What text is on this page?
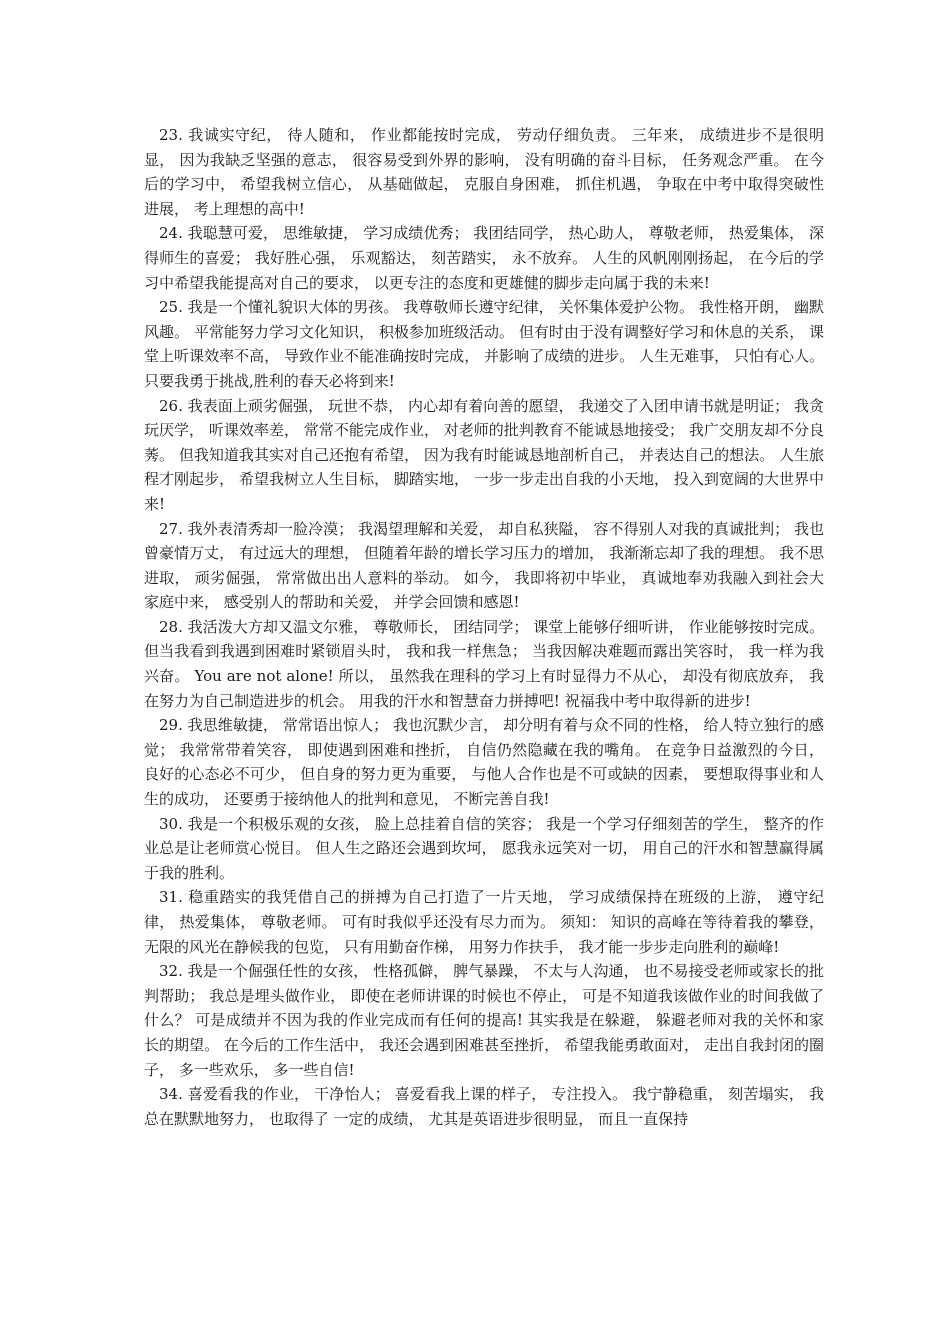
23. 我诚实守纪， 待人随和， 作业都能按时完成， 劳动仔细负责。 三年来， 成绩进步不是很明显， 因为我缺乏坚强的意志， 很容易受到外界的影响， 没有明确的奋斗目标， 任务观念严重。 在今后的学习中， 希望我树立信心， 从基础做起， 克服自身困难， 抓住机遇， 争取在中考中取得突破性进展， 考上理想的高中!

24. 我聪慧可爱， 思维敏捷， 学习成绩优秀； 我团结同学， 热心助人， 尊敬老师， 热爱集体， 深得师生的喜爱； 我好胜心强， 乐观豁达， 刻苦踏实， 永不放弃。 人生的风帆刚刚扬起， 在今后的学习中希望我能提高对自己的要求， 以更专注的态度和更雄健的脚步走向属于我的未来!

25. 我是一个懂礼貌识大体的男孩。 我尊敬师长遵守纪律， 关怀集体爱护公物。 我性格开朗， 幽默风趣。 平常能努力学习文化知识， 积极参加班级活动。 但有时由于没有调整好学习和休息的关系， 课堂上听课效率不高， 导致作业不能准确按时完成， 并影响了成绩的进步。 人生无难事， 只怕有心人。 只要我勇于挑战,胜利的春天必将到来!

26. 我表面上顽劣倔强， 玩世不恭， 内心却有着向善的愿望， 我递交了入团申请书就是明证； 我贪玩厌学， 听课效率差， 常常不能完成作业， 对老师的批判教育不能诚恳地接受； 我广交朋友却不分良莠。 但我知道我其实对自己还抱有希望， 因为我有时能诚恳地剖析自己， 并表达自己的想法。 人生旅程才刚起步， 希望我树立人生目标， 脚踏实地， 一步一步走出自我的小天地， 投入到宽阔的大世界中来!

27. 我外表清秀却一脸冷漠； 我渴望理解和关爱， 却自私狭隘， 容不得别人对我的真诚批判； 我也曾豪情万丈， 有过远大的理想， 但随着年龄的增长学习压力的增加， 我渐渐忘却了我的理想。 我不思进取， 顽劣倔强， 常常做出出人意料的举动。 如今， 我即将初中毕业， 真诚地奉劝我融入到社会大家庭中来， 感受别人的帮助和关爱， 并学会回馈和感恩!

28. 我活泼大方却又温文尔雅， 尊敬师长， 团结同学； 课堂上能够仔细听讲， 作业能够按时完成。 但当我看到我遇到困难时紧锁眉头时， 我和我一样焦急； 当我因解决难题而露出笑容时， 我一样为我兴奋。 You are not alone! 所以， 虽然我在理科的学习上有时显得力不从心， 却没有彻底放弃， 我在努力为自己制造进步的机会。 用我的汗水和智慧奋力拼搏吧! 祝福我中考中取得新的进步!

29. 我思维敏捷， 常常语出惊人； 我也沉默少言， 却分明有着与众不同的性格， 给人特立独行的感觉； 我常常带着笑容， 即使遇到困难和挫折， 自信仍然隐藏在我的嘴角。 在竞争日益激烈的今日， 良好的心态必不可少， 但自身的努力更为重要， 与他人合作也是不可或缺的因素， 要想取得事业和人生的成功， 还要勇于接纳他人的批判和意见， 不断完善自我!

30. 我是一个积极乐观的女孩， 脸上总挂着自信的笑容； 我是一个学习仔细刻苦的学生， 整齐的作业总是让老师赏心悦目。 但人生之路还会遇到坎坷， 愿我永远笑对一切， 用自己的汗水和智慧赢得属于我的胜利。

31. 稳重踏实的我凭借自己的拼搏为自己打造了一片天地， 学习成绩保持在班级的上游， 遵守纪律， 热爱集体， 尊敬老师。 可有时我似乎还没有尽力而为。 须知： 知识的高峰在等待着我的攀登， 无限的风光在静候我的包览， 只有用勤奋作梯， 用努力作扶手， 我才能一步步走向胜利的巅峰!

32. 我是一个倔强任性的女孩， 性格孤僻， 脾气暴躁， 不太与人沟通， 也不易接受老师或家长的批判帮助； 我总是埋头做作业， 即使在老师讲课的时候也不停止， 可是不知道我该做作业的时间我做了什么？ 可是成绩并不因为我的作业完成而有任何的提高! 其实我是在躲避， 躲避老师对我的关怀和家长的期望。 在今后的工作生活中， 我还会遇到困难甚至挫折， 希望我能勇敢面对， 走出自我封闭的圈子， 多一些欢乐， 多一些自信!

34. 喜爱看我的作业， 干净怡人； 喜爱看我上课的样子， 专注投入。 我宁静稳重， 刻苦塌实， 我总在默默地努力， 也取得了 一定的成绩， 尤其是英语进步很明显， 而且一直保持
